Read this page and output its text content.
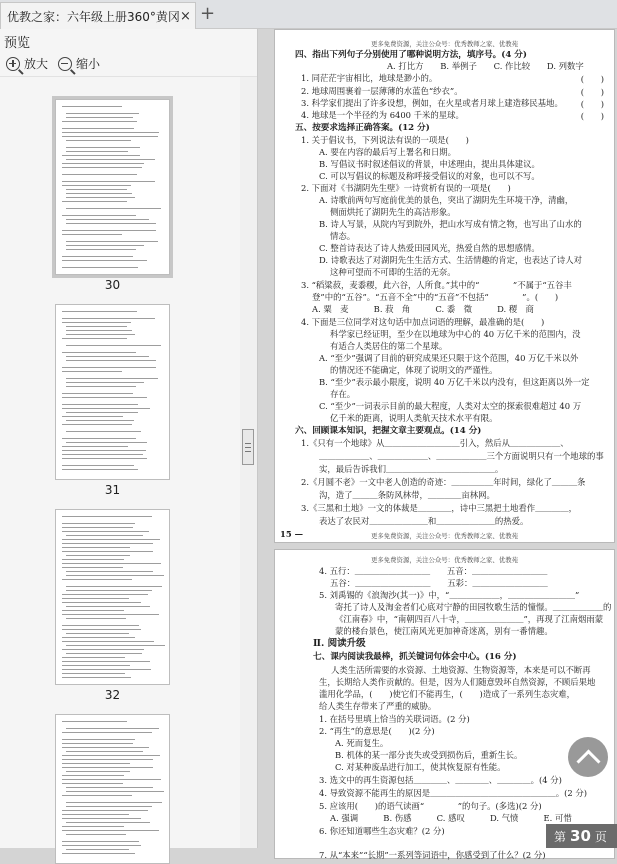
优教之家：六年级上册360°黄冈 × +
预览
放大 缩小
30
31
32
更多免费资源，关注公众号：优秀教师之家、优教苑
四、指出下列句子分别使用了哪种说明方法，填序号。(4 分)
A. 打比方　　B. 举例子　　C. 作比较　　D. 列数字
1. 同茫茫宇宙相比，地球是渺小的。	(　　)
2. 地球周围裹着一层薄薄的水蓝色“纱衣”。	(　　)
3. 科学家们提出了许多设想，例如，在火星或者月球上建造移民基地。 (　　)
4. 地球是一个半径约为 6400 千米的星球。	(　　)
五、按要求选择正确答案。(12 分)
1. 关于倡议书，下列说法有误的一项是(　　)
A. 要在内容的最后写上署名和日期。
B. 写倡议书时叙述倡议的背景，申述理由，提出具体建议。
C. 可以写倡议的标题及称呼接受倡议的对象，也可以不写。
2. 下面对《书湖阴先生壁》一诗赏析有误的一项是(　　)
A. 诗歌前两句写庭前优美的景色，突出了湖阴先生环境干净，清幽，
　 侧面烘托了湖阴先生的高洁形象。
B. 诗人写景，从院内写到院外，把山水写成有情之物，也写出了山水的
　 情态。
C. 整首诗表达了诗人热爱田园风光，热爱自然的思想感情。
D. 诗歌表达了对湖阴先生生活方式、生活情趣的肯定，也表达了诗人对
　 这种可望而不可即的生活的无奈。
3. “稻粱菽，麦黍稷，此六谷，人所食。”其中的“　　　　”不属于“五谷丰
　 登”中的“五谷”。“五音不全”中的“五音”不包括“　　　　”。(　　)
　 A. 粟　麦　　　B. 菽　角　　　C. 黍　徵　　　D. 稷　商
4. 下面是三位同学对这句话中加点词语的理解，最准确的是(　　)
　 科学家已经证明，至少在以地球为中心的 40 万亿千米的范围内，没
　 有适合人类居住的第二个星球。
A. “至少”强调了目前的研究成果还只限于这个范围，40 万亿千米以外
　 的情况还不能确定，体现了说明文的严谨性。
B. “至少”表示最小限度，说明 40 万亿千米以内没有，但这距离以外一定
　 存在。
C. “至少”一词表示目前的最大程度，人类对太空的探索很难超过 40 万
　 亿千米的距离，说明人类航天技术水平有限。
六、回顾课本知识，把握文章主要观点。(14 分)
1.《只有一个地球》从＿＿＿＿＿＿＿＿＿引入，然后从＿＿＿＿＿＿、
＿＿＿＿＿＿、＿＿＿＿＿＿、＿＿＿＿＿＿三个方面说明只有一个地球的事
实，最后告诉我们＿＿＿＿＿＿＿＿＿＿＿＿＿。
2.《月圆不老》一文中老人创造的奇迹：＿＿＿＿＿年时间，绿化了＿＿＿条
沟，造了＿＿＿条防风林带，＿＿＿＿亩林网。
3.《三黑和土地》一文的体裁是＿＿＿＿，诗中三黑把土地看作＿＿＿＿，
表达了农民对＿＿＿＿＿＿＿和＿＿＿＿＿＿＿的热爱。
15 —	更多免费资源，关注公众号：优秀教师之家、优教苑
更多免费资源，关注公众号：优秀教师之家、优教苑
4. 五行：＿＿＿＿＿＿＿＿＿　　五音：＿＿＿＿＿＿＿＿＿
　 五谷：＿＿＿＿＿＿＿＿＿　　五彩：＿＿＿＿＿＿＿＿＿
5. 刘禹锡的《浪淘沙(其一)》中，“＿＿＿＿＿＿，＿＿＿＿＿＿＿＿”
寄托了诗人及淘金者们心底对宁静的田园牧歌生活的憧憬。＿＿＿＿＿＿的
《江南春》中，“南朝四百八十寺，＿＿＿＿＿＿＿”，再现了江南烟雨蒙
蒙的楼台景色，使江南风光更加神奇迷离，别有一番情趣。
Ⅱ. 阅读升级
七、课内阅读我最棒，抓关键词句体会中心。(16 分)
人类生活所需要的水资源、土地资源、生物资源等，本来是可以不断再
生，长期给人类作贡献的。但是，因为人们随意毁坏自然资源，不顾后果地
滥用化学品，(　　)使它们不能再生，(　　)造成了一系列生态灾难，
给人类生存带来了严重的威胁。
1. 在括号里填上恰当的关联词语。(2 分)
2. “再生”的意思是(　　)(2 分)
A. 死而复生。
B. 机体的某一部分丧失或受到损伤后，重新生长。
C. 对某种废品进行加工，使其恢复原有性能。
3. 选文中的再生资源包括＿＿＿＿、＿＿＿＿、＿＿＿＿。(4 分)
4. 导致资源不能再生的原因是＿＿＿＿＿＿＿＿＿＿＿＿＿＿＿。(2 分)
5. 应该用(　　)的语气读画“　　　　”的句子。(多选)(2 分)
　 A. 强调　　　B. 伤感　　　C. 感叹　　　D. 气愤　　　E. 可惜
6. 你还知道哪些生态灾难？(2 分)
7. 从“本来”“长期”一系列等词语中，你感受到了什么？(2 分)
第 30 页
